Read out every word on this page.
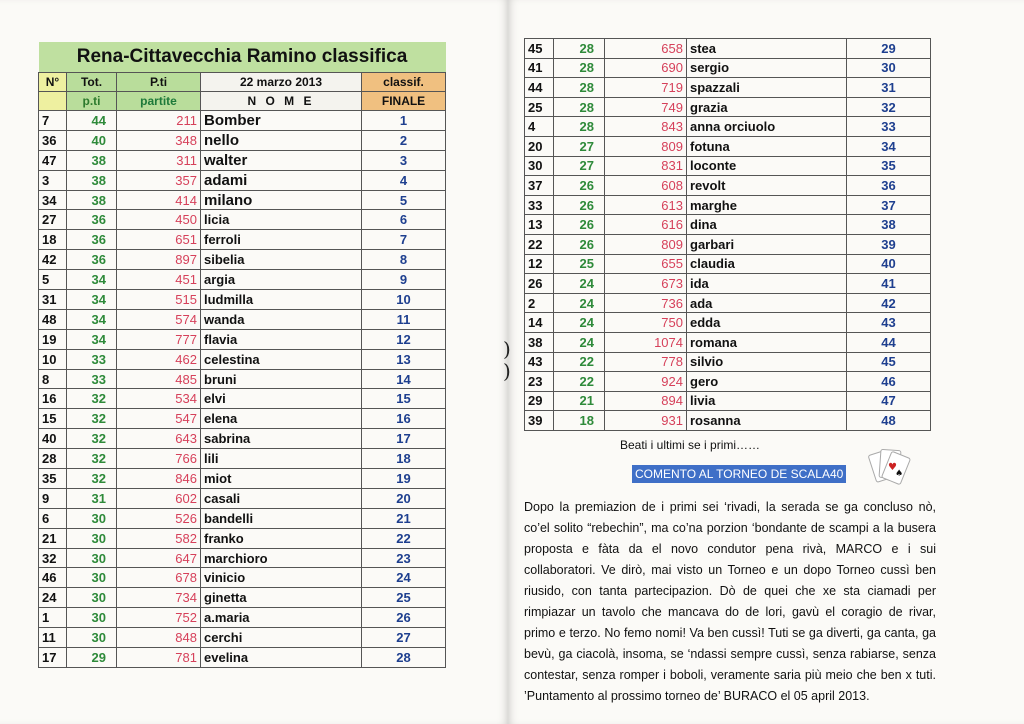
)
)
Rena-Cittavecchia Ramino classifica				
N°	Tot.	P.ti	22 marzo 2013	classif.
	p.ti	partite	N O M E	FINALE
7	44	211	Bomber	1
36	40	348	nello	2
47	38	311	walter	3
3	38	357	adami	4
34	38	414	milano	5
27	36	450	licia	6
18	36	651	ferroli	7
42	36	897	sibelia	8
5	34	451	argia	9
31	34	515	ludmilla	10
48	34	574	wanda	11
19	34	777	flavia	12
10	33	462	celestina	13
8	33	485	bruni	14
16	32	534	elvi	15
15	32	547	elena	16
40	32	643	sabrina	17
28	32	766	lili	18
35	32	846	miot	19
9	31	602	casali	20
6	30	526	bandelli	21
21	30	582	franko	22
32	30	647	marchioro	23
46	30	678	vinicio	24
24	30	734	ginetta	25
1	30	752	a.maria	26
11	30	848	cerchi	27
17	29	781	evelina	28
45	28	658	stea	29
41	28	690	sergio	30
44	28	719	spazzali	31
25	28	749	grazia	32
4	28	843	anna orciuolo	33
20	27	809	fotuna	34
30	27	831	loconte	35
37	26	608	revolt	36
33	26	613	marghe	37
13	26	616	dina	38
22	26	809	garbari	39
12	25	655	claudia	40
26	24	673	ida	41
2	24	736	ada	42
14	24	750	edda	43
38	24	1074	romana	44
43	22	778	silvio	45
23	22	924	gero	46
29	21	894	livia	47
39	18	931	rosanna	48
Beati i ultimi se i primi……
COMENTO AL TORNEO DE SCALA40	♥
♠
Dopo la premiazion de i primi sei ‘rivadi, la serada se ga concluso nò, co’el solito “rebechin”, ma co’na porzion ‘bondante de scampi a la busera proposta e fàta da el novo condutor pena rivà, MARCO e i sui collaboratori. Ve dirò, mai visto un Torneo e un dopo Torneo cussì ben riusido, con tanta partecipazion. Dò de quei che xe sta ciamadi per rimpiazar un tavolo che mancava do de lori, gavù el coragio de rivar, primo e terzo. No femo nomi! Va ben cussì! Tuti se ga diverti, ga canta, ga bevù, ga ciacolà, insoma, se ‘ndassi sempre cussì, senza rabiarse, senza contestar, senza romper i boboli, veramente saria più meio che ben x tuti. ’Puntamento al prossimo torneo de’ BURACO el 05 april 2013.
